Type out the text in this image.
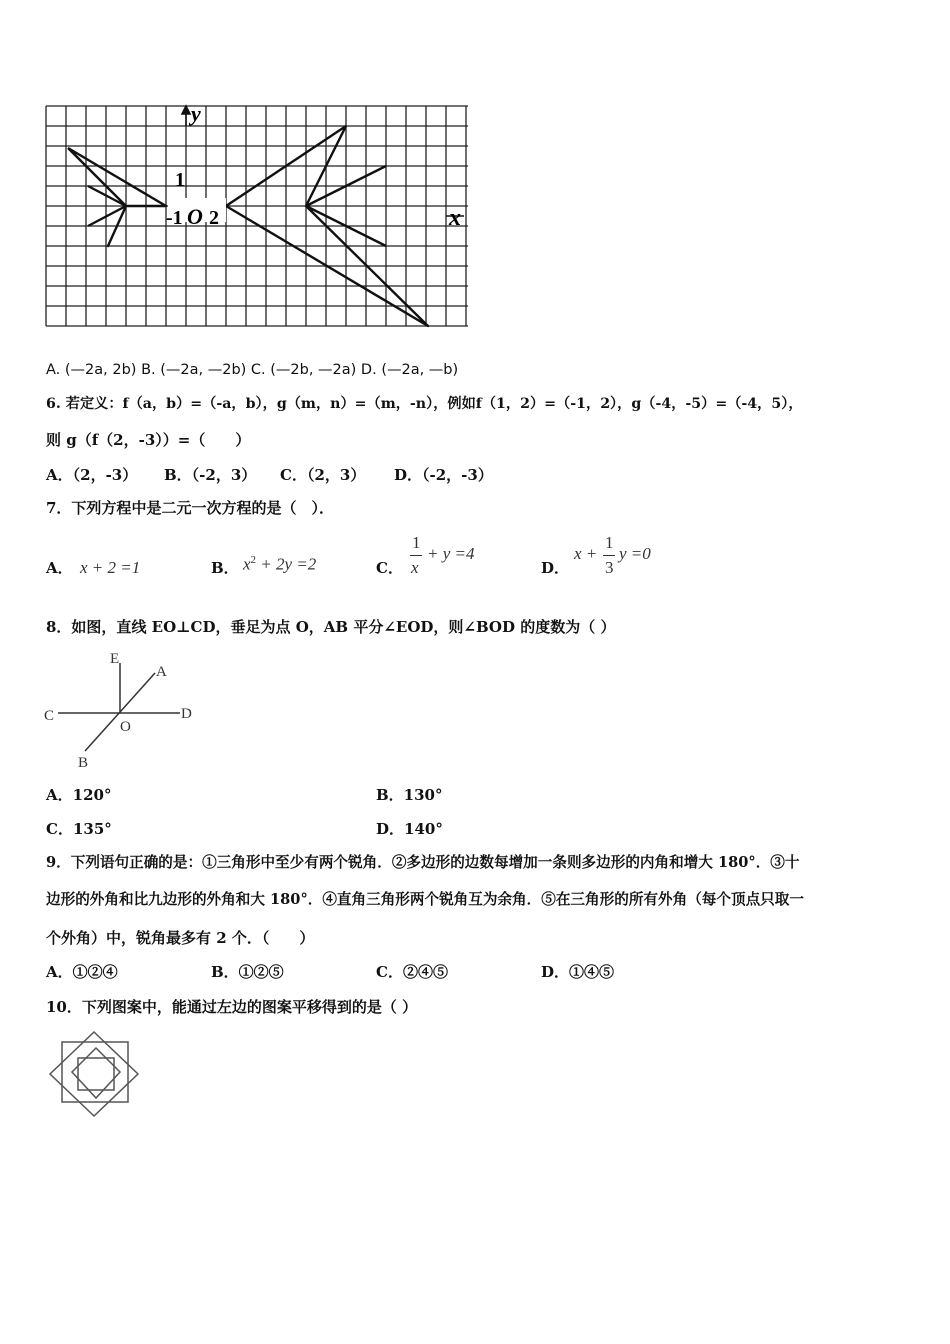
y
x
1
-1 O 2
A. (—2a, 2b) B. (—2a, —2b) C. (—2b, —2a) D. (—2a, —b)
6. 若定义：f（a，b）=（-a，b），g（m，n）=（m，-n），例如f（1，2）=（-1，2），g（-4，-5）=（-4，5），
则 g（f（2，-3））=（　　）
A．（2，-3） B．（-2，3） C．（2，3） D．（-2，-3）
7．下列方程中是二元一次方程的是（　）．
A． x + 2 =1	B． $x^2 + 2y =2$	C．
1
x
+ y =4
D．
x +
1
3
y =0
8．如图，直线 EO⊥CD，垂足为点 O，AB 平分∠EOD，则∠BOD 的度数为（ ）
E
A
C
O
D
B
A．120°	B．130°
C．135°	D．140°
9．下列语句正确的是：①三角形中至少有两个锐角．②多边形的边数每增加一条则多边形的内角和增大 180°．③十
边形的外角和比九边形的外角和大 180°．④直角三角形两个锐角互为余角．⑤在三角形的所有外角（每个顶点只取一
个外角）中，锐角最多有 2 个．（　　）
A．①②④	B．①②⑤	C．②④⑤	D．①④⑤
10．下列图案中，能通过左边的图案平移得到的是（ ）
